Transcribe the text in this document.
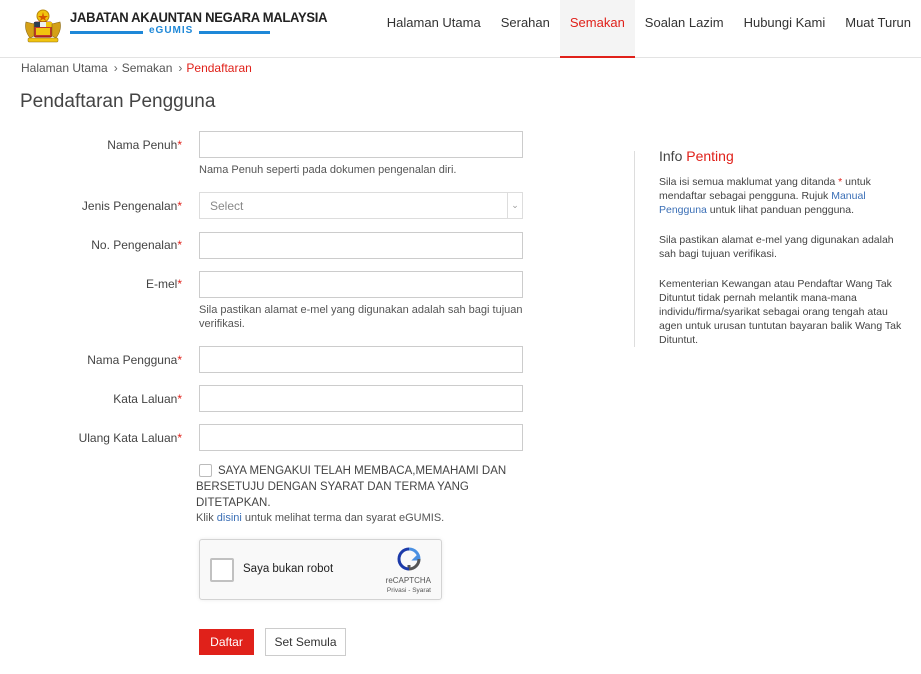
JABATAN AKAUNTAN NEGARA MALAYSIA
eGUMIS
Halaman Utama	Serahan	Semakan	Soalan Lazim	Hubungi Kami	Muat Turun
Halaman Utama › Semakan › Pendaftaran
Pendaftaran Pengguna
Nama Penuh*
Nama Penuh seperti pada dokumen pengenalan diri.
Jenis Pengenalan*	Select	⌄
No. Pengenalan*
E-mel*
Sila pastikan alamat e-mel yang digunakan adalah sah bagi tujuan verifikasi.
Nama Pengguna*
Kata Laluan*
Ulang Kata Laluan*
SAYA MENGAKUI TELAH MEMBACA,MEMAHAMI DAN BERSETUJU DENGAN SYARAT DAN TERMA YANG DITETAPKAN.
Klik disini untuk melihat terma dan syarat eGUMIS.
Saya bukan robot
reCAPTCHA
Privasi - Syarat
Daftar	Set Semula
Info Penting
Sila isi semua maklumat yang ditanda * untuk mendaftar sebagai pengguna. Rujuk Manual Pengguna untuk lihat panduan pengguna.
Sila pastikan alamat e-mel yang digunakan adalah sah bagi tujuan verifikasi.
Kementerian Kewangan atau Pendaftar Wang Tak Dituntut tidak pernah melantik mana-mana individu/firma/syarikat sebagai orang tengah atau agen untuk urusan tuntutan bayaran balik Wang Tak Dituntut.
